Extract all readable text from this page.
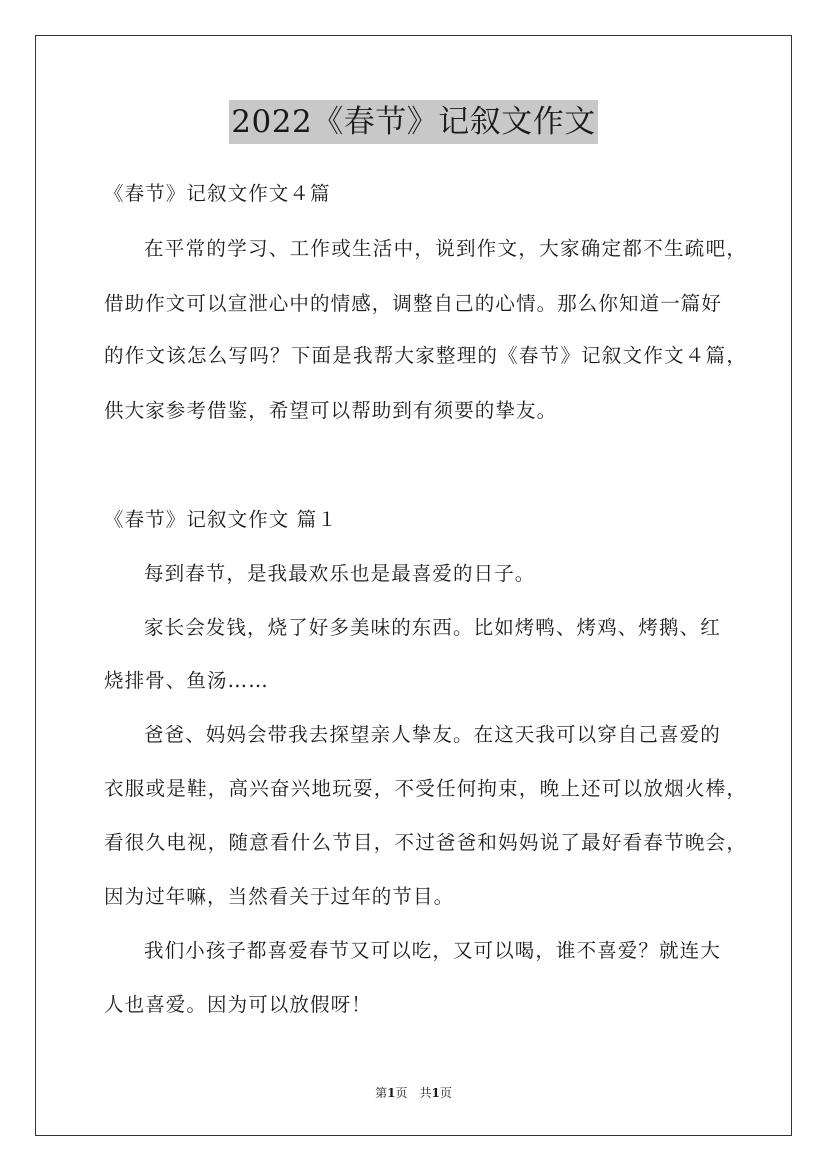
2022《春节》记叙文作文
《春节》记叙文作文４篇
在平常的学习、工作或生活中，说到作文，大家确定都不生疏吧，
借助作文可以宣泄心中的情感，调整自己的心情。那么你知道一篇好
的作文该怎么写吗？下面是我帮大家整理的《春节》记叙文作文４篇，
供大家参考借鉴，希望可以帮助到有须要的挚友。
《春节》记叙文作文 篇１
每到春节，是我最欢乐也是最喜爱的日子。
家长会发钱，烧了好多美味的东西。比如烤鸭、烤鸡、烤鹅、红
烧排骨、鱼汤……
爸爸、妈妈会带我去探望亲人挚友。在这天我可以穿自己喜爱的
衣服或是鞋，高兴奋兴地玩耍，不受任何拘束，晚上还可以放烟火棒，
看很久电视，随意看什么节目，不过爸爸和妈妈说了最好看春节晚会，
因为过年嘛，当然看关于过年的节目。
我们小孩子都喜爱春节又可以吃，又可以喝，谁不喜爱？就连大
人也喜爱。因为可以放假呀！
第1页　共1页
